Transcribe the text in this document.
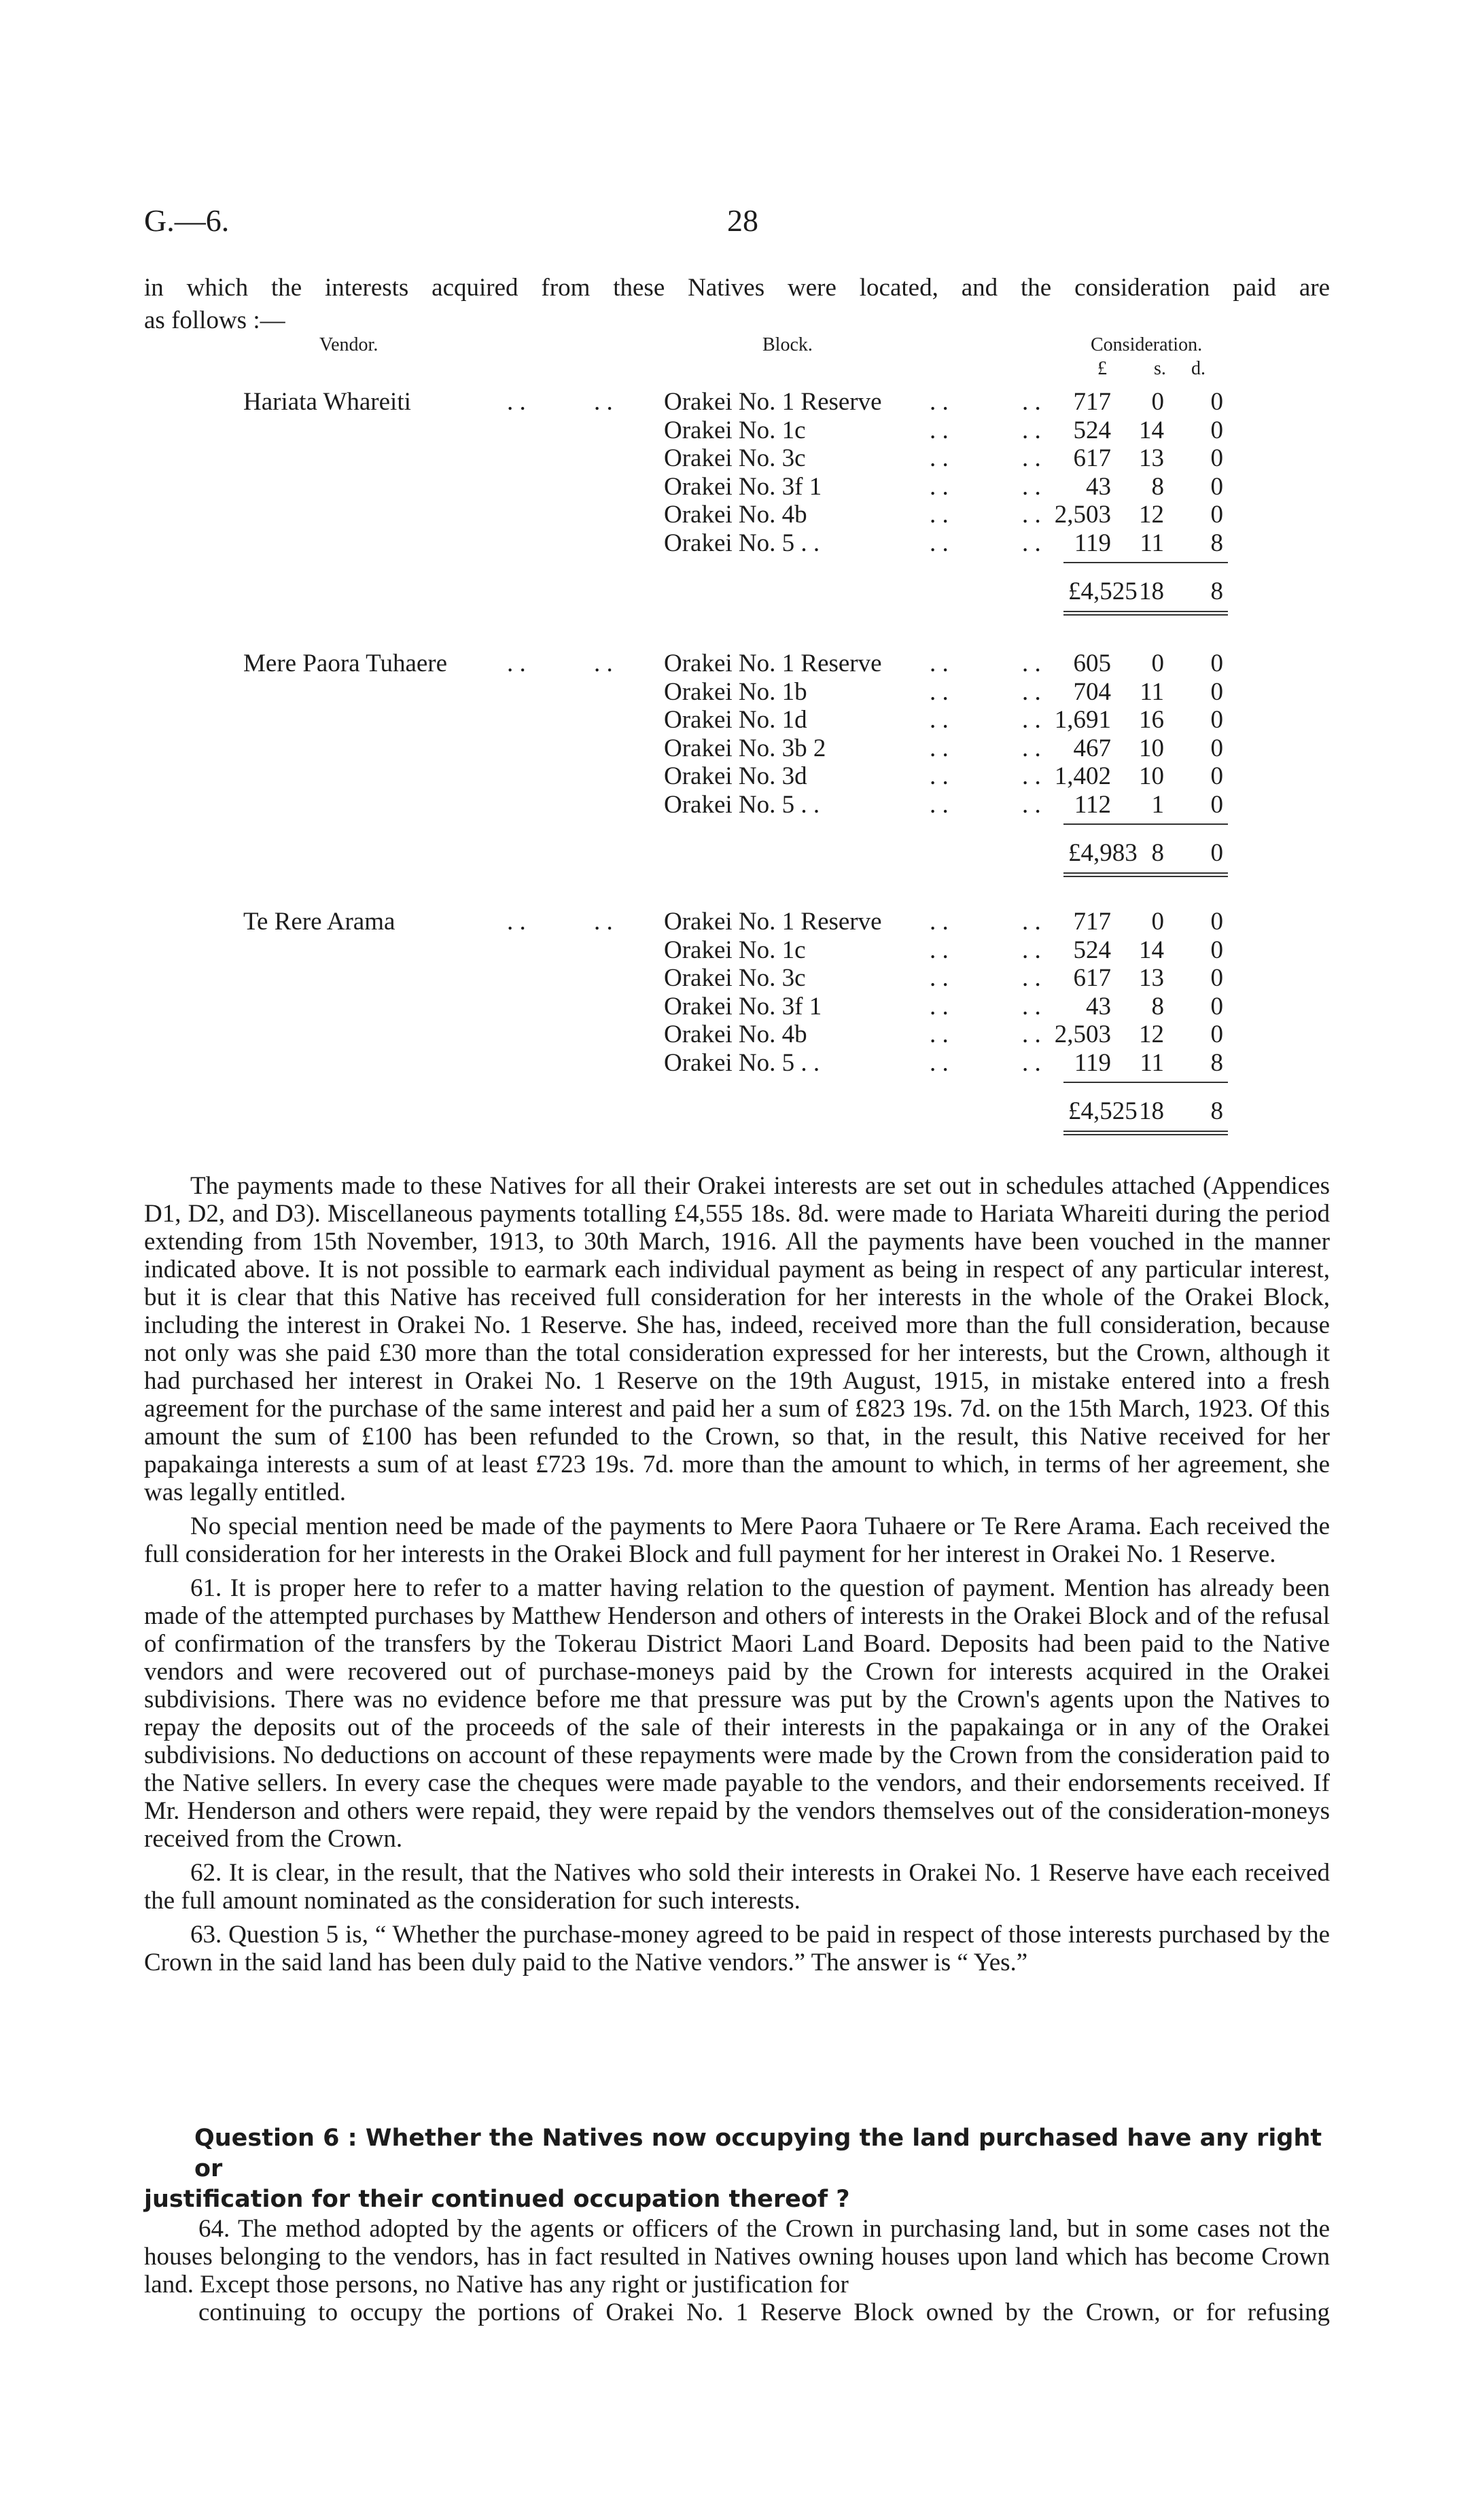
G.—6.	28
in which the interests acquired from these Natives were located, and the consideration paid are
as follows :—
Vendor.	Block.	Consideration.
£ s. d.
Hariata Whareiti	. .	. . Orakei No. 1 Reserve . .	. . 717 0 0
Orakei No. 1c	. .	. . 524 14 0
Orakei No. 3c	. .	. . 617 13 0
Orakei No. 3f 1	. .	. . 43 8 0
Orakei No. 4b	. .	. . 2,503 12 0
Orakei No. 5 . .	. .	. . 119 11 8
£4,525 18 8
Mere Paora Tuhaere . .	. . Orakei No. 1 Reserve . .	. . 605 0 0
Orakei No. 1b	. .	. . 704 11 0
Orakei No. 1d	. .	. . 1,691 16 0
Orakei No. 3b 2	. .	. . 467 10 0
Orakei No. 3d	. .	. . 1,402 10 0
Orakei No. 5 . .	. .	. . 112 1 0
£4,983 8 0
Te Rere Arama	. .	. . Orakei No. 1 Reserve . .	. . 717 0 0
Orakei No. 1c	. .	. . 524 14 0
Orakei No. 3c	. .	. . 617 13 0
Orakei No. 3f 1	. .	. . 43 8 0
Orakei No. 4b	. .	. . 2,503 12 0
Orakei No. 5 . .	. .	. . 119 11 8
£4,525 18 8

The payments made to these Natives for all their Orakei interests are set out in schedules attached (Appendices D1, D2, and D3). Miscellaneous payments totalling £4,555 18s. 8d. were made to Hariata Whareiti during the period extending from 15th November, 1913, to 30th March, 1916. All the payments have been vouched in the manner indicated above. It is not possible to earmark each individual payment as being in respect of any particular interest, but it is clear that this Native has received full consideration for her interests in the whole of the Orakei Block, including the interest in Orakei No. 1 Reserve. She has, indeed, received more than the full consideration, because not only was she paid £30 more than the total consideration expressed for her interests, but the Crown, although it had purchased her interest in Orakei No. 1 Reserve on the 19th August, 1915, in mistake entered into a fresh agreement for the purchase of the same interest and paid her a sum of £823 19s. 7d. on the 15th March, 1923. Of this amount the sum of £100 has been refunded to the Crown, so that, in the result, this Native received for her papakainga interests a sum of at least £723 19s. 7d. more than the amount to which, in terms of her agreement, she was legally entitled.

No special mention need be made of the payments to Mere Paora Tuhaere or Te Rere Arama. Each received the full consideration for her interests in the Orakei Block and full payment for her interest in Orakei No. 1 Reserve.

61. It is proper here to refer to a matter having relation to the question of payment. Mention has already been made of the attempted purchases by Matthew Henderson and others of interests in the Orakei Block and of the refusal of confirmation of the transfers by the Tokerau District Maori Land Board. Deposits had been paid to the Native vendors and were recovered out of purchase-moneys paid by the Crown for interests acquired in the Orakei subdivisions. There was no evidence before me that pressure was put by the Crown's agents upon the Natives to repay the deposits out of the proceeds of the sale of their interests in the papakainga or in any of the Orakei subdivisions. No deductions on account of these repayments were made by the Crown from the consideration paid to the Native sellers. In every case the cheques were made payable to the vendors, and their endorsements received. If Mr. Henderson and others were repaid, they were repaid by the vendors themselves out of the consideration-moneys received from the Crown.

62. It is clear, in the result, that the Natives who sold their interests in Orakei No. 1 Reserve have each received the full amount nominated as the consideration for such interests.

63. Question 5 is, “ Whether the purchase-money agreed to be paid in respect of those interests purchased by the Crown in the said land has been duly paid to the Native vendors.” The answer is “ Yes.”

Question 6 : Whether the Natives now occupying the land purchased have any right or
justification for their continued occupation thereof ?

64. The method adopted by the agents or officers of the Crown in purchasing land, but in some cases not the houses belonging to the vendors, has in fact resulted in Natives owning houses upon land which has become Crown land. Except those persons, no Native has any right or justification for
continuing to occupy the portions of Orakei No. 1 Reserve Block owned by the Crown, or for refusing
